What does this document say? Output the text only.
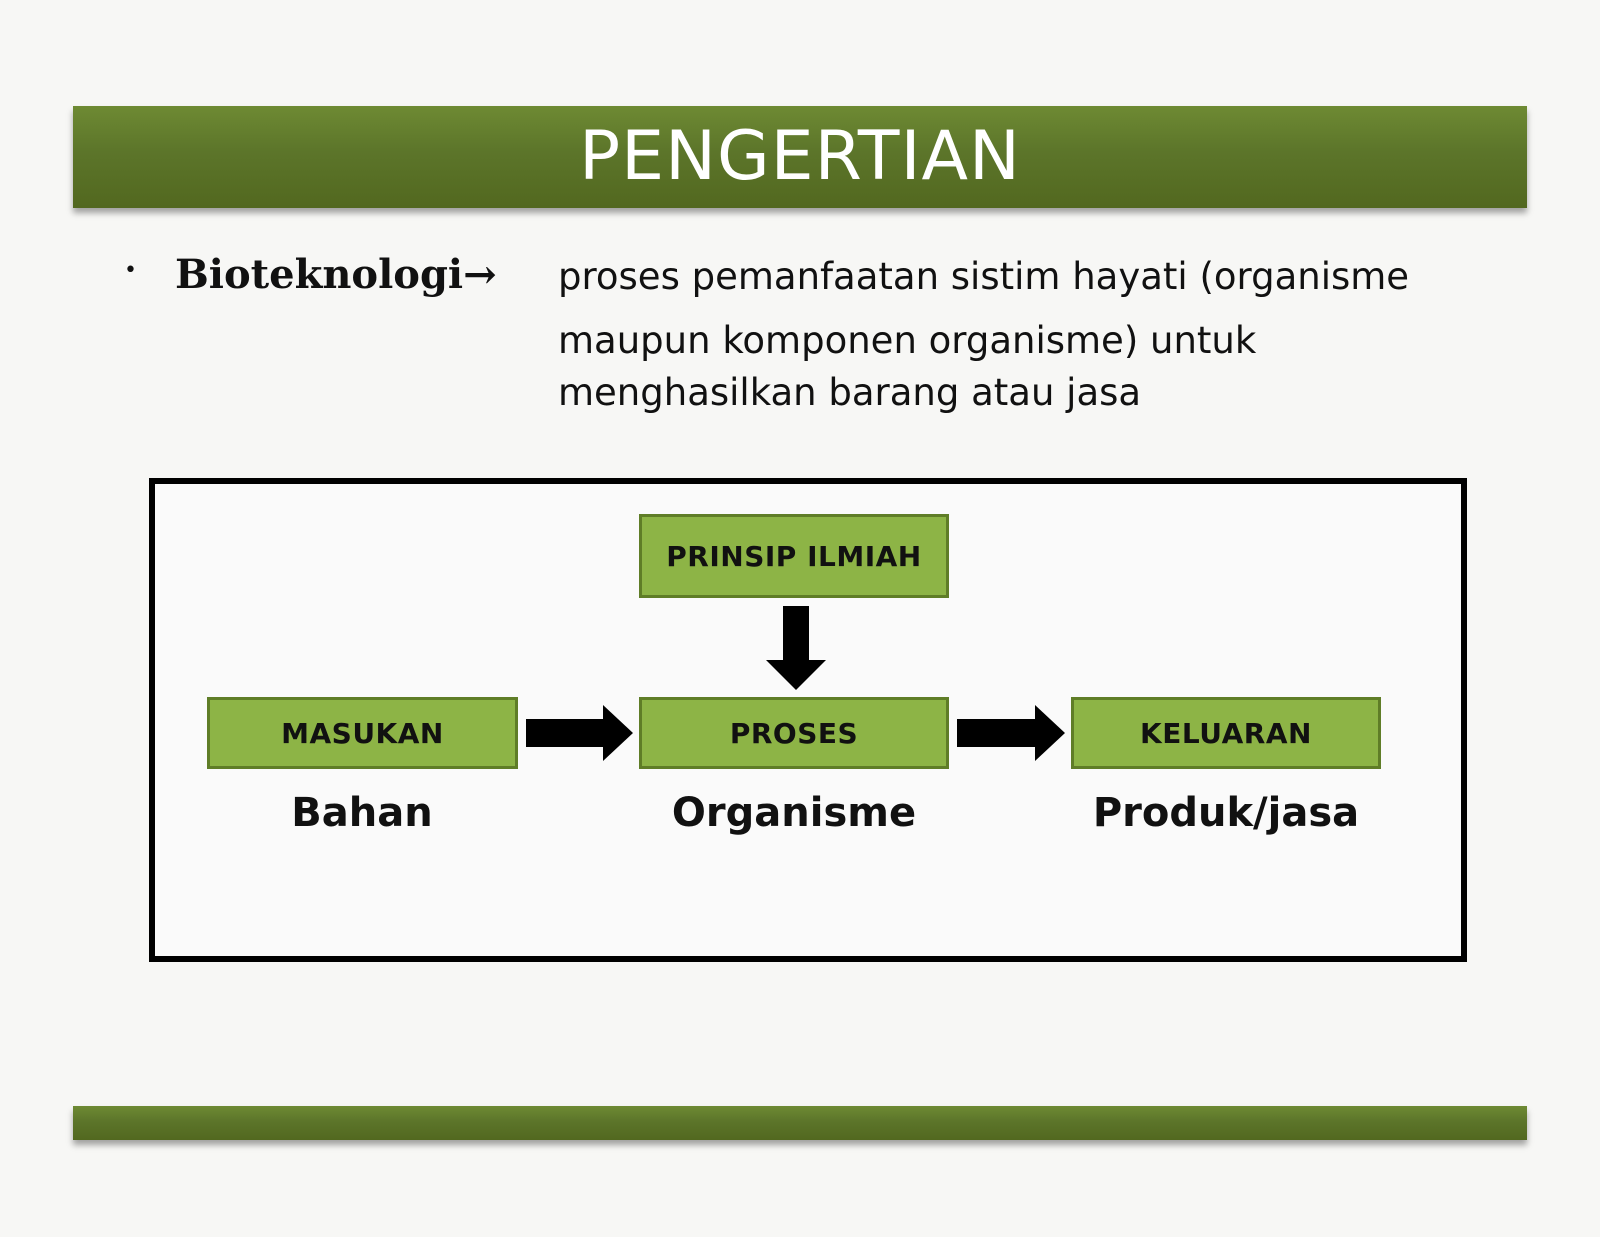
PENGERTIAN
• Bioteknologi→ proses pemanfaatan sistim hayati (organisme
maupun komponen organisme) untuk
menghasilkan barang atau jasa
PRINSIP ILMIAH
MASUKAN	PROSES	KELUARAN
Bahan	Organisme	Produk/jasa
